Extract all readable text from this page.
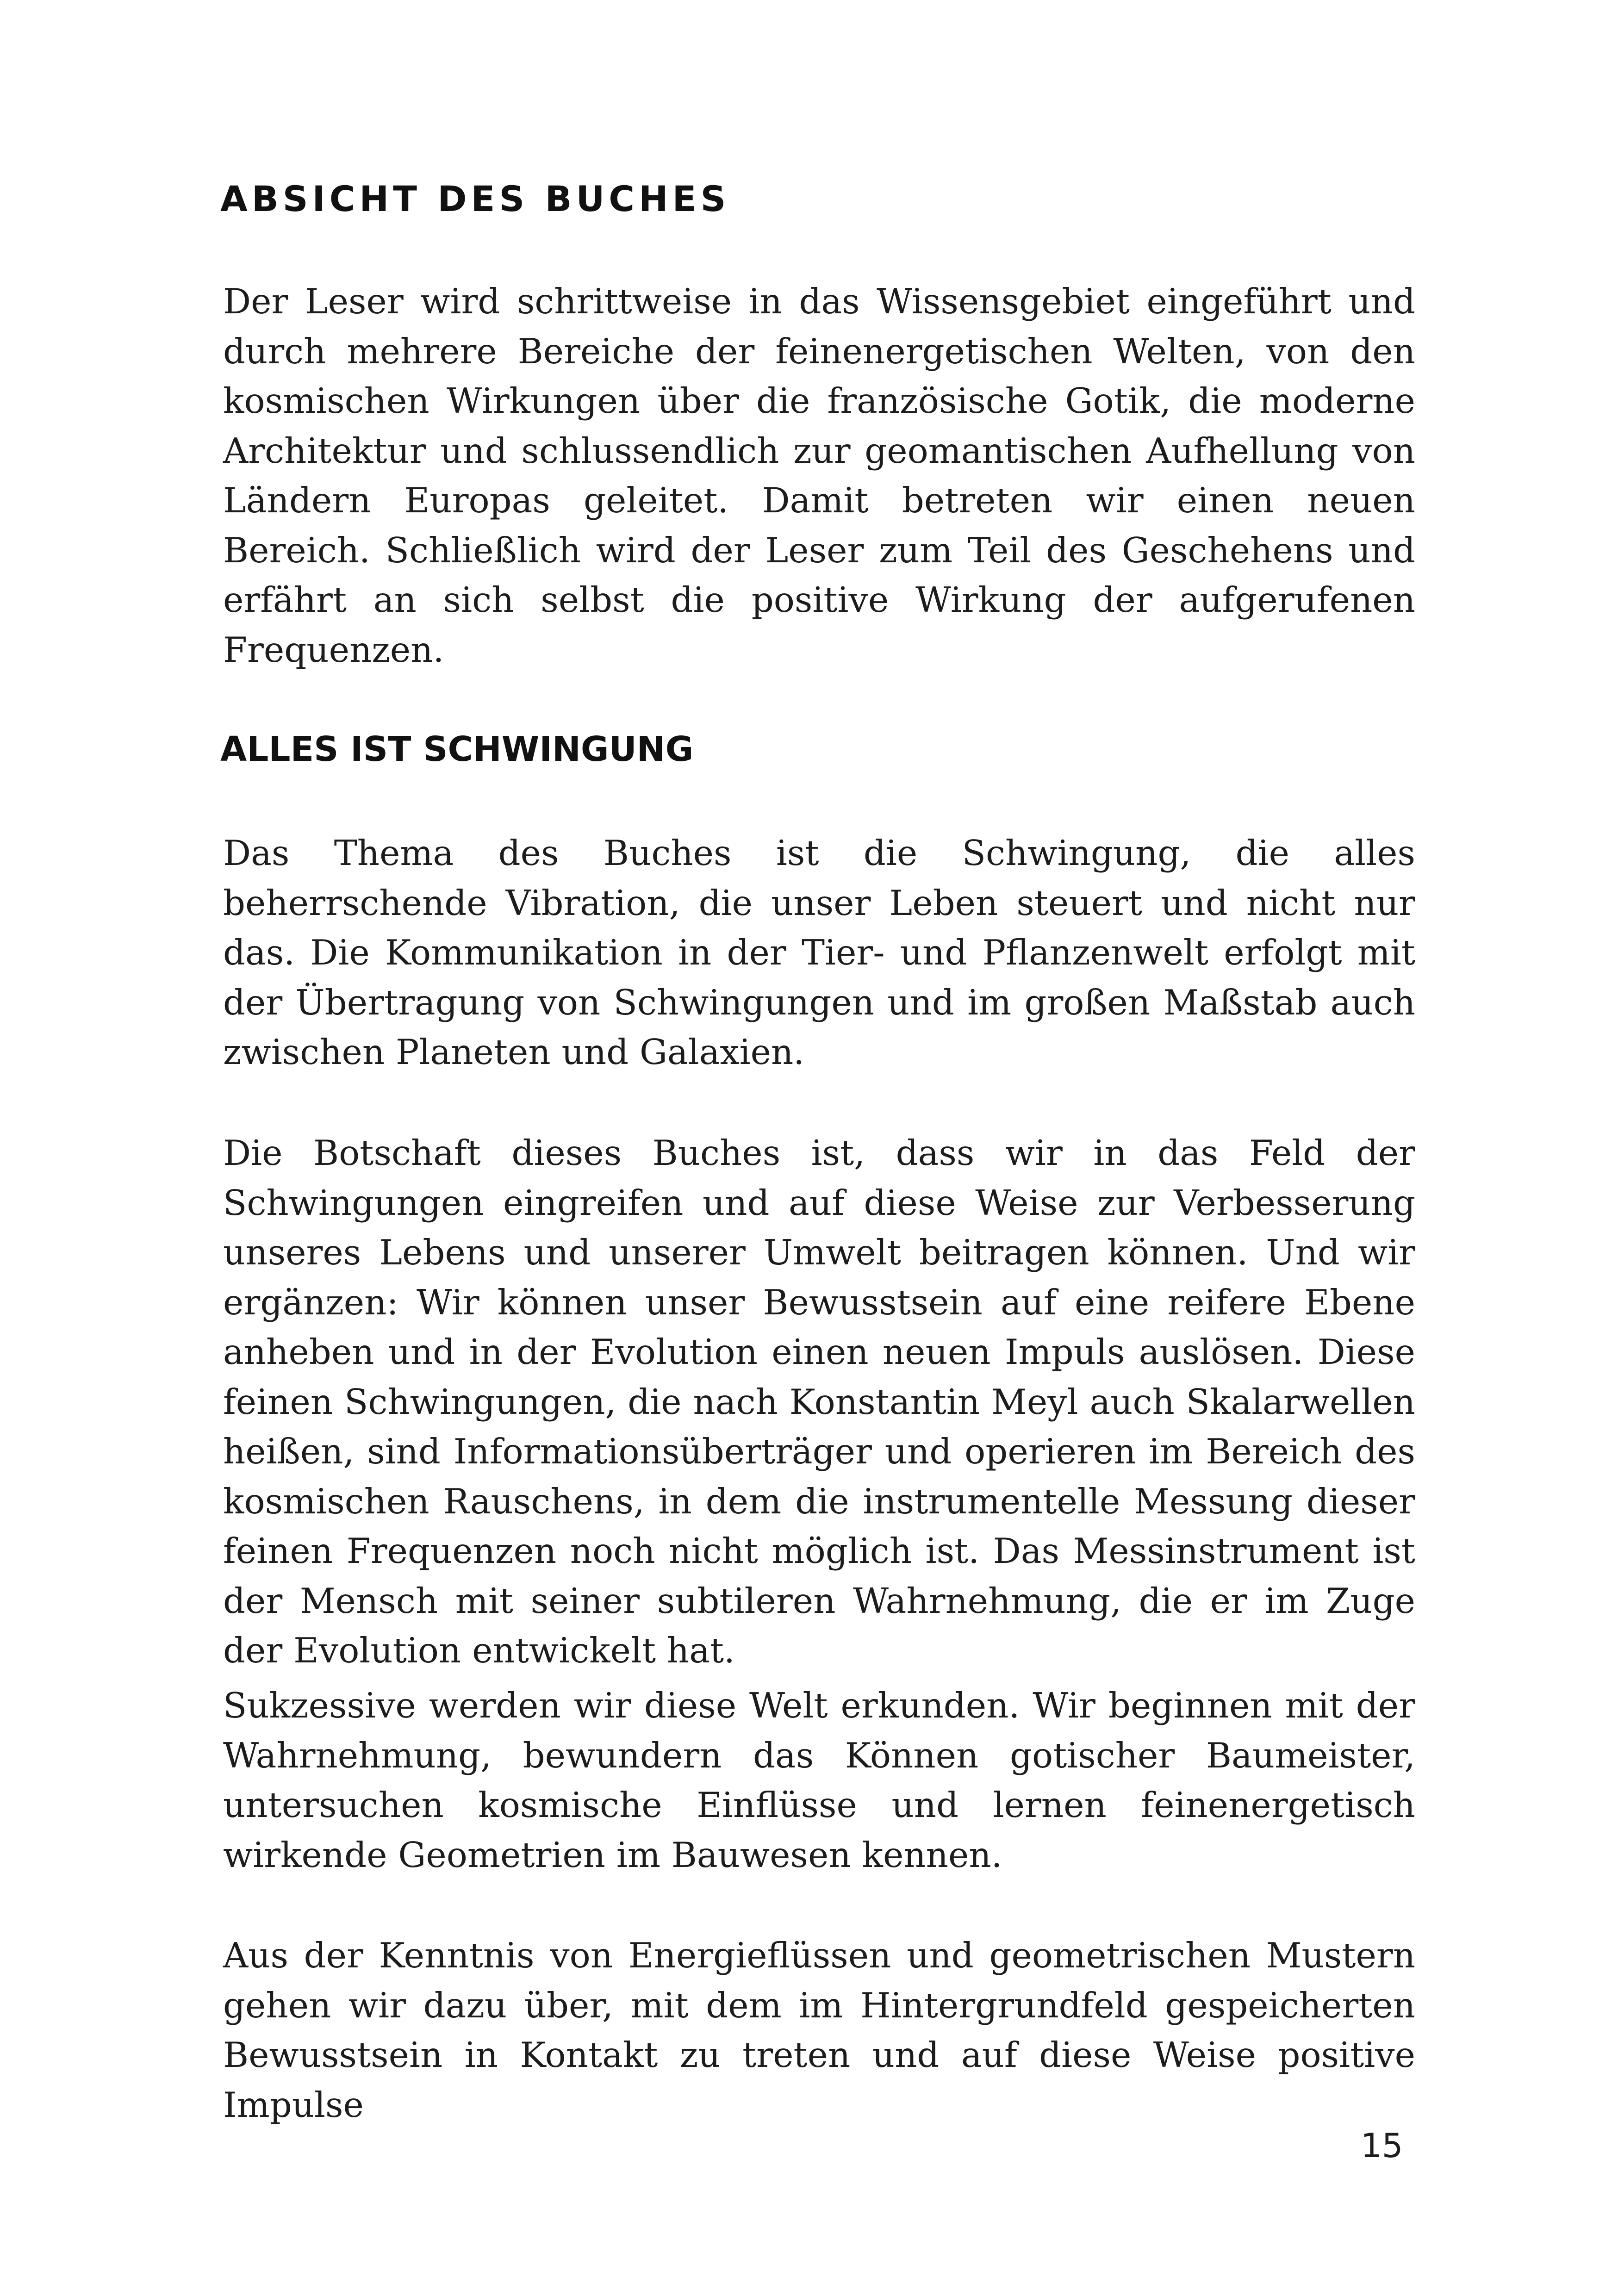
ABSICHT DES BUCHES

Der Leser wird schrittweise in das Wissensgebiet eingeführt und durch mehrere Bereiche der feinenergetischen Welten, von den kosmischen Wirkungen über die französische Gotik, die moderne Architektur und schlussendlich zur geomantischen Aufhellung von Ländern Europas geleitet. Damit betreten wir einen neuen Bereich. Schließlich wird der Leser zum Teil des Geschehens und erfährt an sich selbst die positive Wirkung der aufgerufenen Frequenzen.

ALLES IST SCHWINGUNG

Das Thema des Buches ist die Schwingung, die alles beherrschende Vibration, die unser Leben steuert und nicht nur das. Die Kommunikation in der Tier- und Pflanzenwelt erfolgt mit der Übertragung von Schwingungen und im großen Maßstab auch zwischen Planeten und Galaxien.

Die Botschaft dieses Buches ist, dass wir in das Feld der Schwingungen eingreifen und auf diese Weise zur Verbesserung unseres Lebens und unserer Umwelt beitragen können. Und wir ergänzen: Wir können unser Bewusstsein auf eine reifere Ebene anheben und in der Evolution einen neuen Impuls auslösen. Diese feinen Schwingungen, die nach Konstantin Meyl auch Skalarwellen heißen, sind Informationsüberträger und operieren im Bereich des kosmischen Rauschens, in dem die instrumentelle Messung dieser feinen Frequenzen noch nicht möglich ist. Das Messinstrument ist der Mensch mit seiner subtileren Wahrnehmung, die er im Zuge der Evolution entwickelt hat.

Sukzessive werden wir diese Welt erkunden. Wir beginnen mit der Wahrnehmung, bewundern das Können gotischer Baumeister, untersuchen kosmische Einflüsse und lernen feinenergetisch wirkende Geometrien im Bauwesen kennen.

Aus der Kenntnis von Energieflüssen und geometrischen Mustern gehen wir dazu über, mit dem im Hintergrundfeld gespeicherten Bewusstsein in Kontakt zu treten und auf diese Weise positive Impulse

15
